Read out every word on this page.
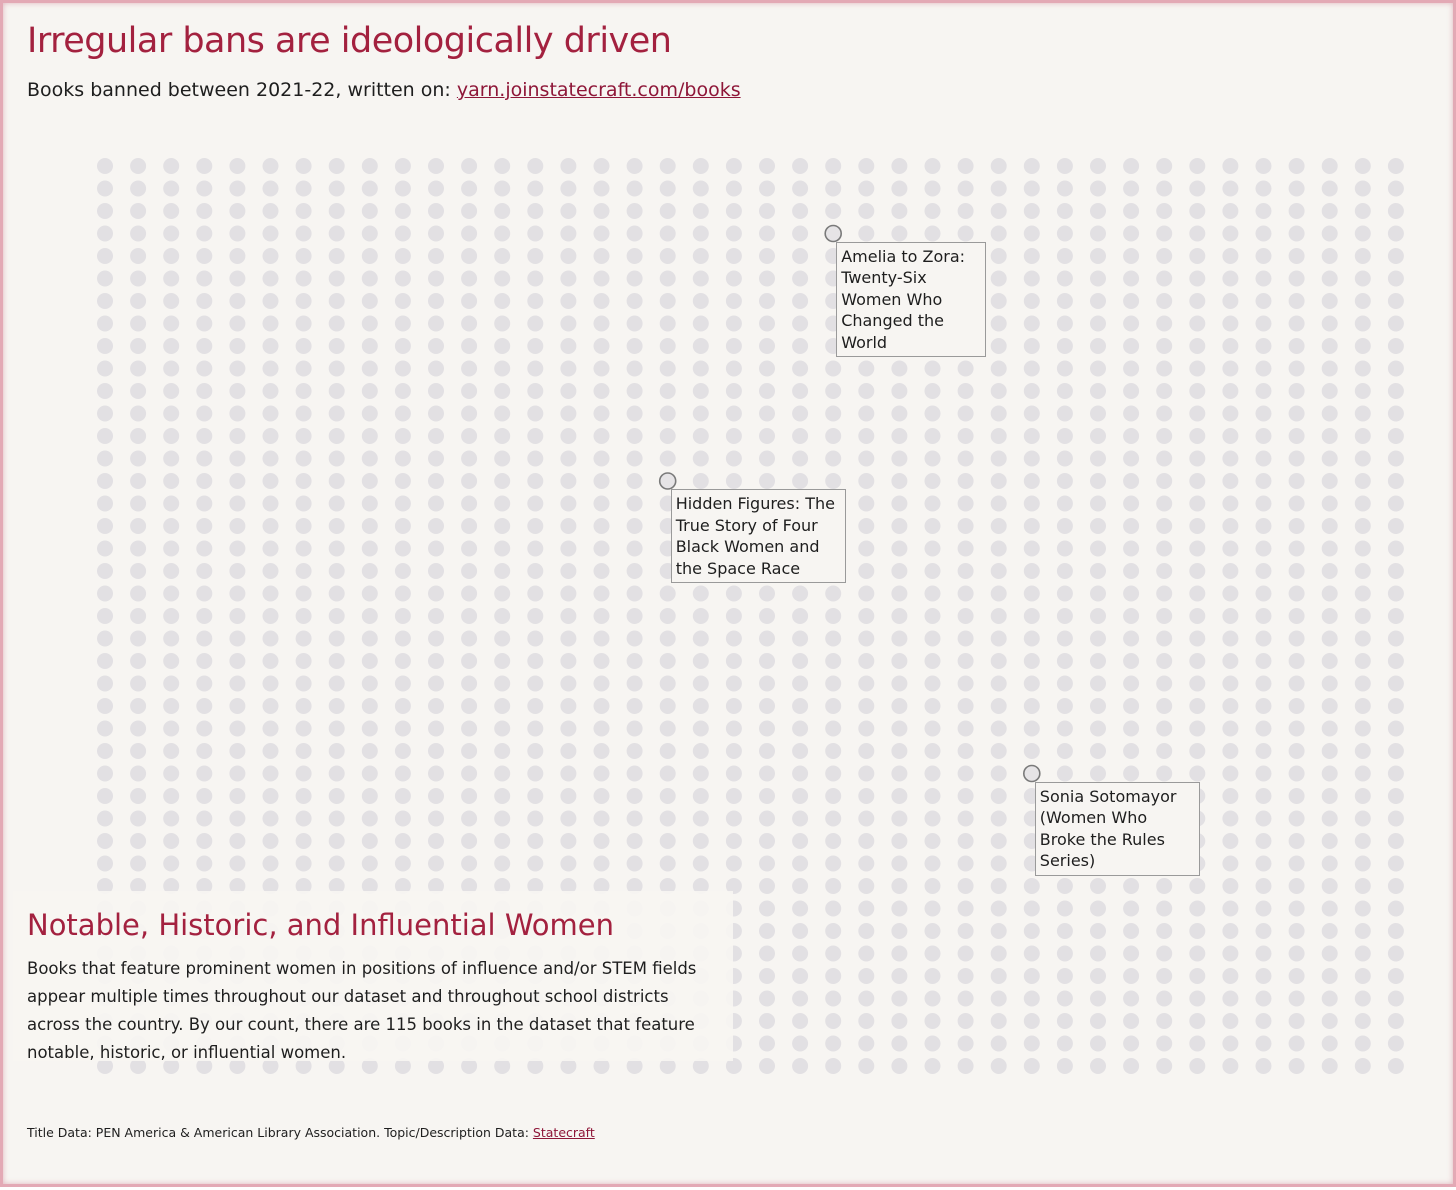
Irregular bans are ideologically driven
Books banned between 2021-22, written on: yarn.joinstatecraft.com/books
Amelia to Zora: Twenty-Six Women Who Changed the World
Hidden Figures: The True Story of Four Black Women and the Space Race
Sonia Sotomayor (Women Who Broke the Rules Series)
Notable, Historic, and Influential Women

Books that feature prominent women in positions of influence and/or STEM fields appear multiple times throughout our dataset and throughout school districts across the country. By our count, there are 115 books in the dataset that feature notable, historic, or influential women.

Title Data: PEN America & American Library Association. Topic/Description Data: Statecraft
